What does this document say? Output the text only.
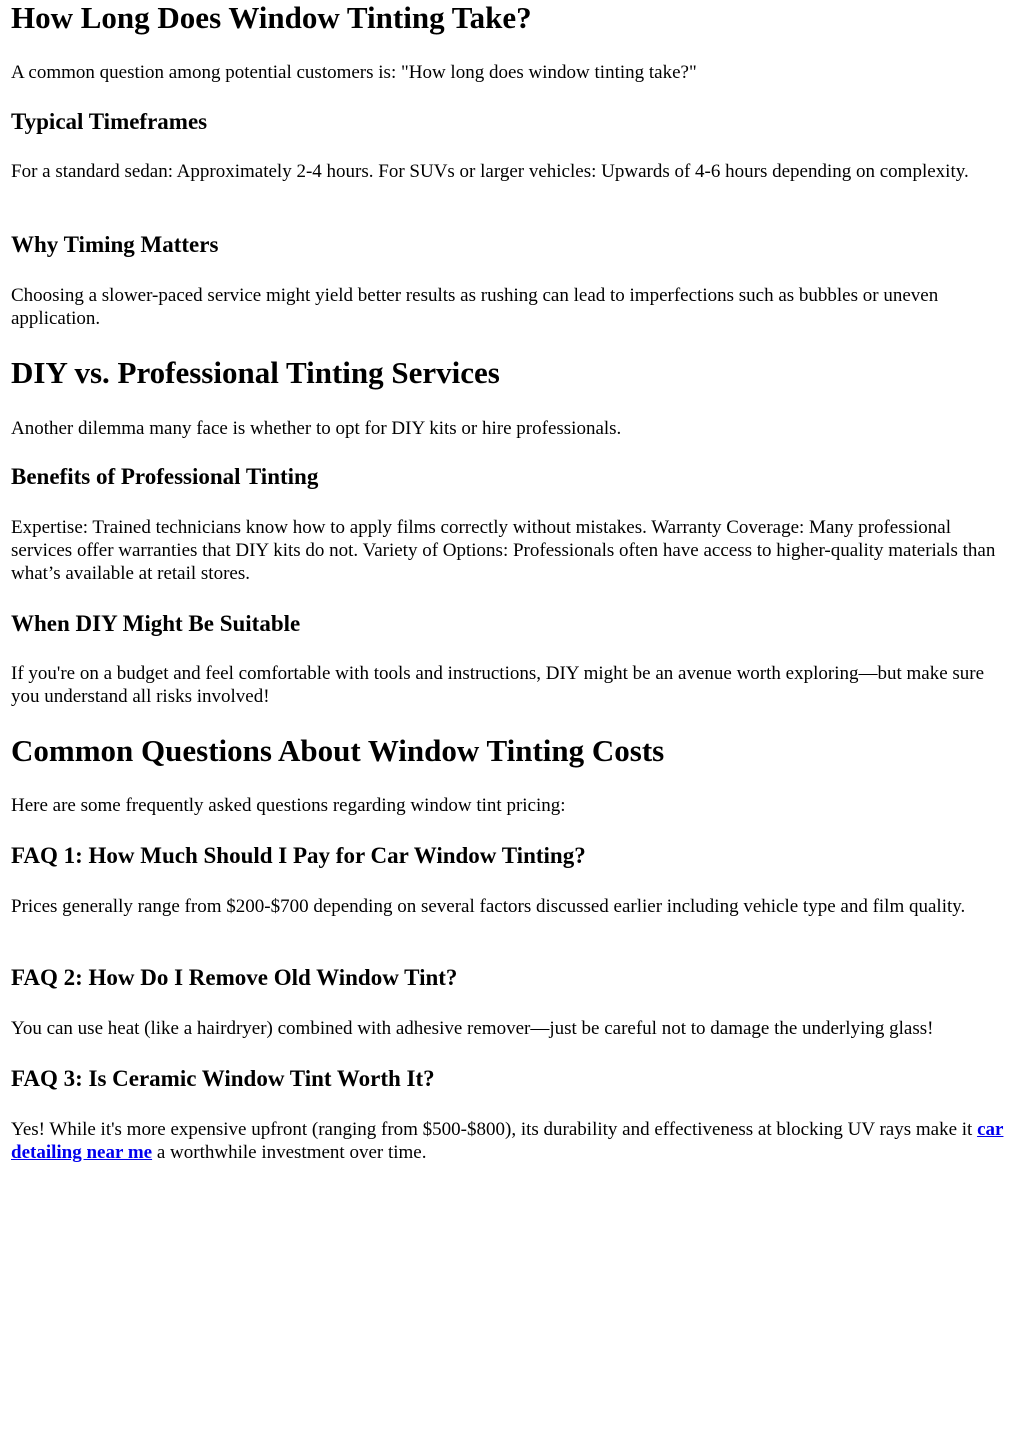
How Long Does Window Tinting Take?

A common question among potential customers is: "How long does window tinting take?"

Typical Timeframes

For a standard sedan: Approximately 2-4 hours. For SUVs or larger vehicles: Upwards of 4-6 hours depending on complexity.

Why Timing Matters

Choosing a slower-paced service might yield better results as rushing can lead to imperfections such as bubbles or uneven application.

DIY vs. Professional Tinting Services

Another dilemma many face is whether to opt for DIY kits or hire professionals.

Benefits of Professional Tinting

Expertise: Trained technicians know how to apply films correctly without mistakes. Warranty Coverage: Many professional services offer warranties that DIY kits do not. Variety of Options: Professionals often have access to higher-quality materials than what’s available at retail stores.

When DIY Might Be Suitable

If you're on a budget and feel comfortable with tools and instructions, DIY might be an avenue worth exploring—but make sure you understand all risks involved!

Common Questions About Window Tinting Costs

Here are some frequently asked questions regarding window tint pricing:

FAQ 1: How Much Should I Pay for Car Window Tinting?

Prices generally range from $200-$700 depending on several factors discussed earlier including vehicle type and film quality.

FAQ 2: How Do I Remove Old Window Tint?

You can use heat (like a hairdryer) combined with adhesive remover—just be careful not to damage the underlying glass!

FAQ 3: Is Ceramic Window Tint Worth It?

Yes! While it's more expensive upfront (ranging from $500-$800), its durability and effectiveness at blocking UV rays make it car detailing near me a worthwhile investment over time.
